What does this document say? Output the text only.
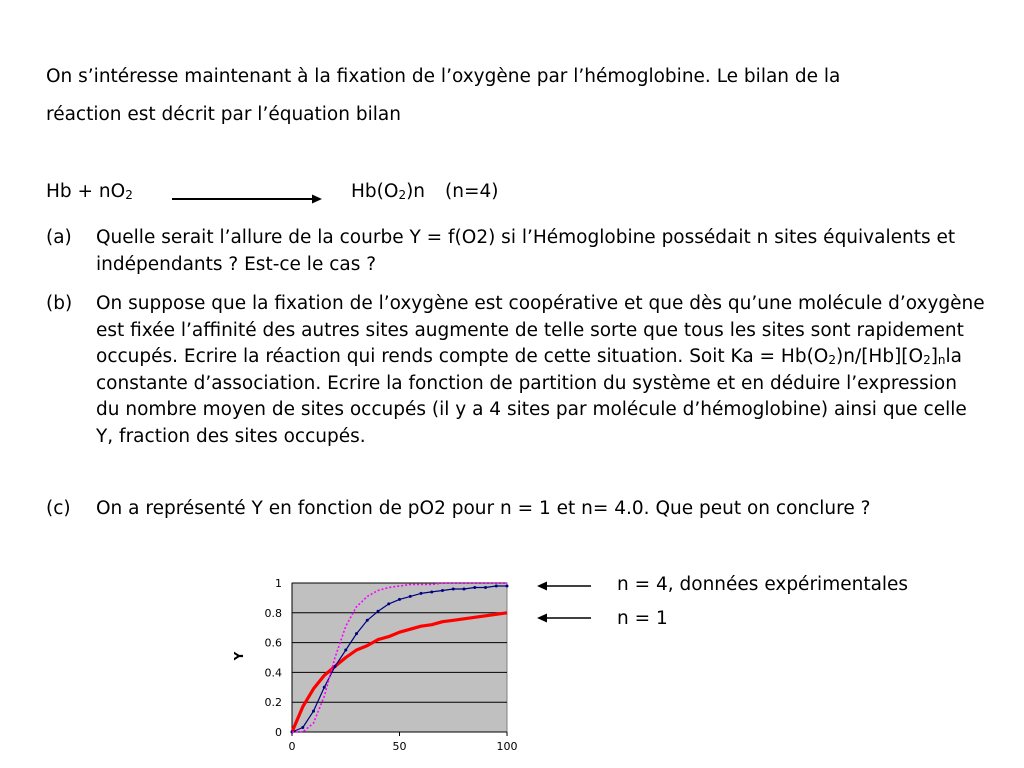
On s’intéresse maintenant à la fixation de l’oxygène par l’hémoglobine. Le bilan de la
réaction est décrit par l’équation bilan
$Hb + nO_2$	$Hb(O_2)n$ (n=4)
(a) Quelle serait l’allure de la courbe Y = f(O2) si l’Hémoglobine possédait n sites équivalents et indépendants ? Est-ce le cas ?
(b) On suppose que la fixation de l’oxygène est coopérative et que dès qu’une molécule d’oxygène est fixée l’affinité des autres sites augmente de telle sorte que tous les sites sont rapidement occupés. Ecrire la réaction qui rends compte de cette situation. Soit $Ka = Hb(O_2)n/[Hb][O_2]_nla$ constante d’association. Ecrire la fonction de partition du système et en déduire l’expression du nombre moyen de sites occupés (il y a 4 sites par molécule d’hémoglobine) ainsi que celle Y, fraction des sites occupés.
(c) On a représenté Y en fonction de pO2 pour n = 1 et n= 4.0. Que peut on conclure ?
0
0.2
0.4
0.6
0.8
1
0	50	100
Y
n = 4, données expérimentales
n = 1
